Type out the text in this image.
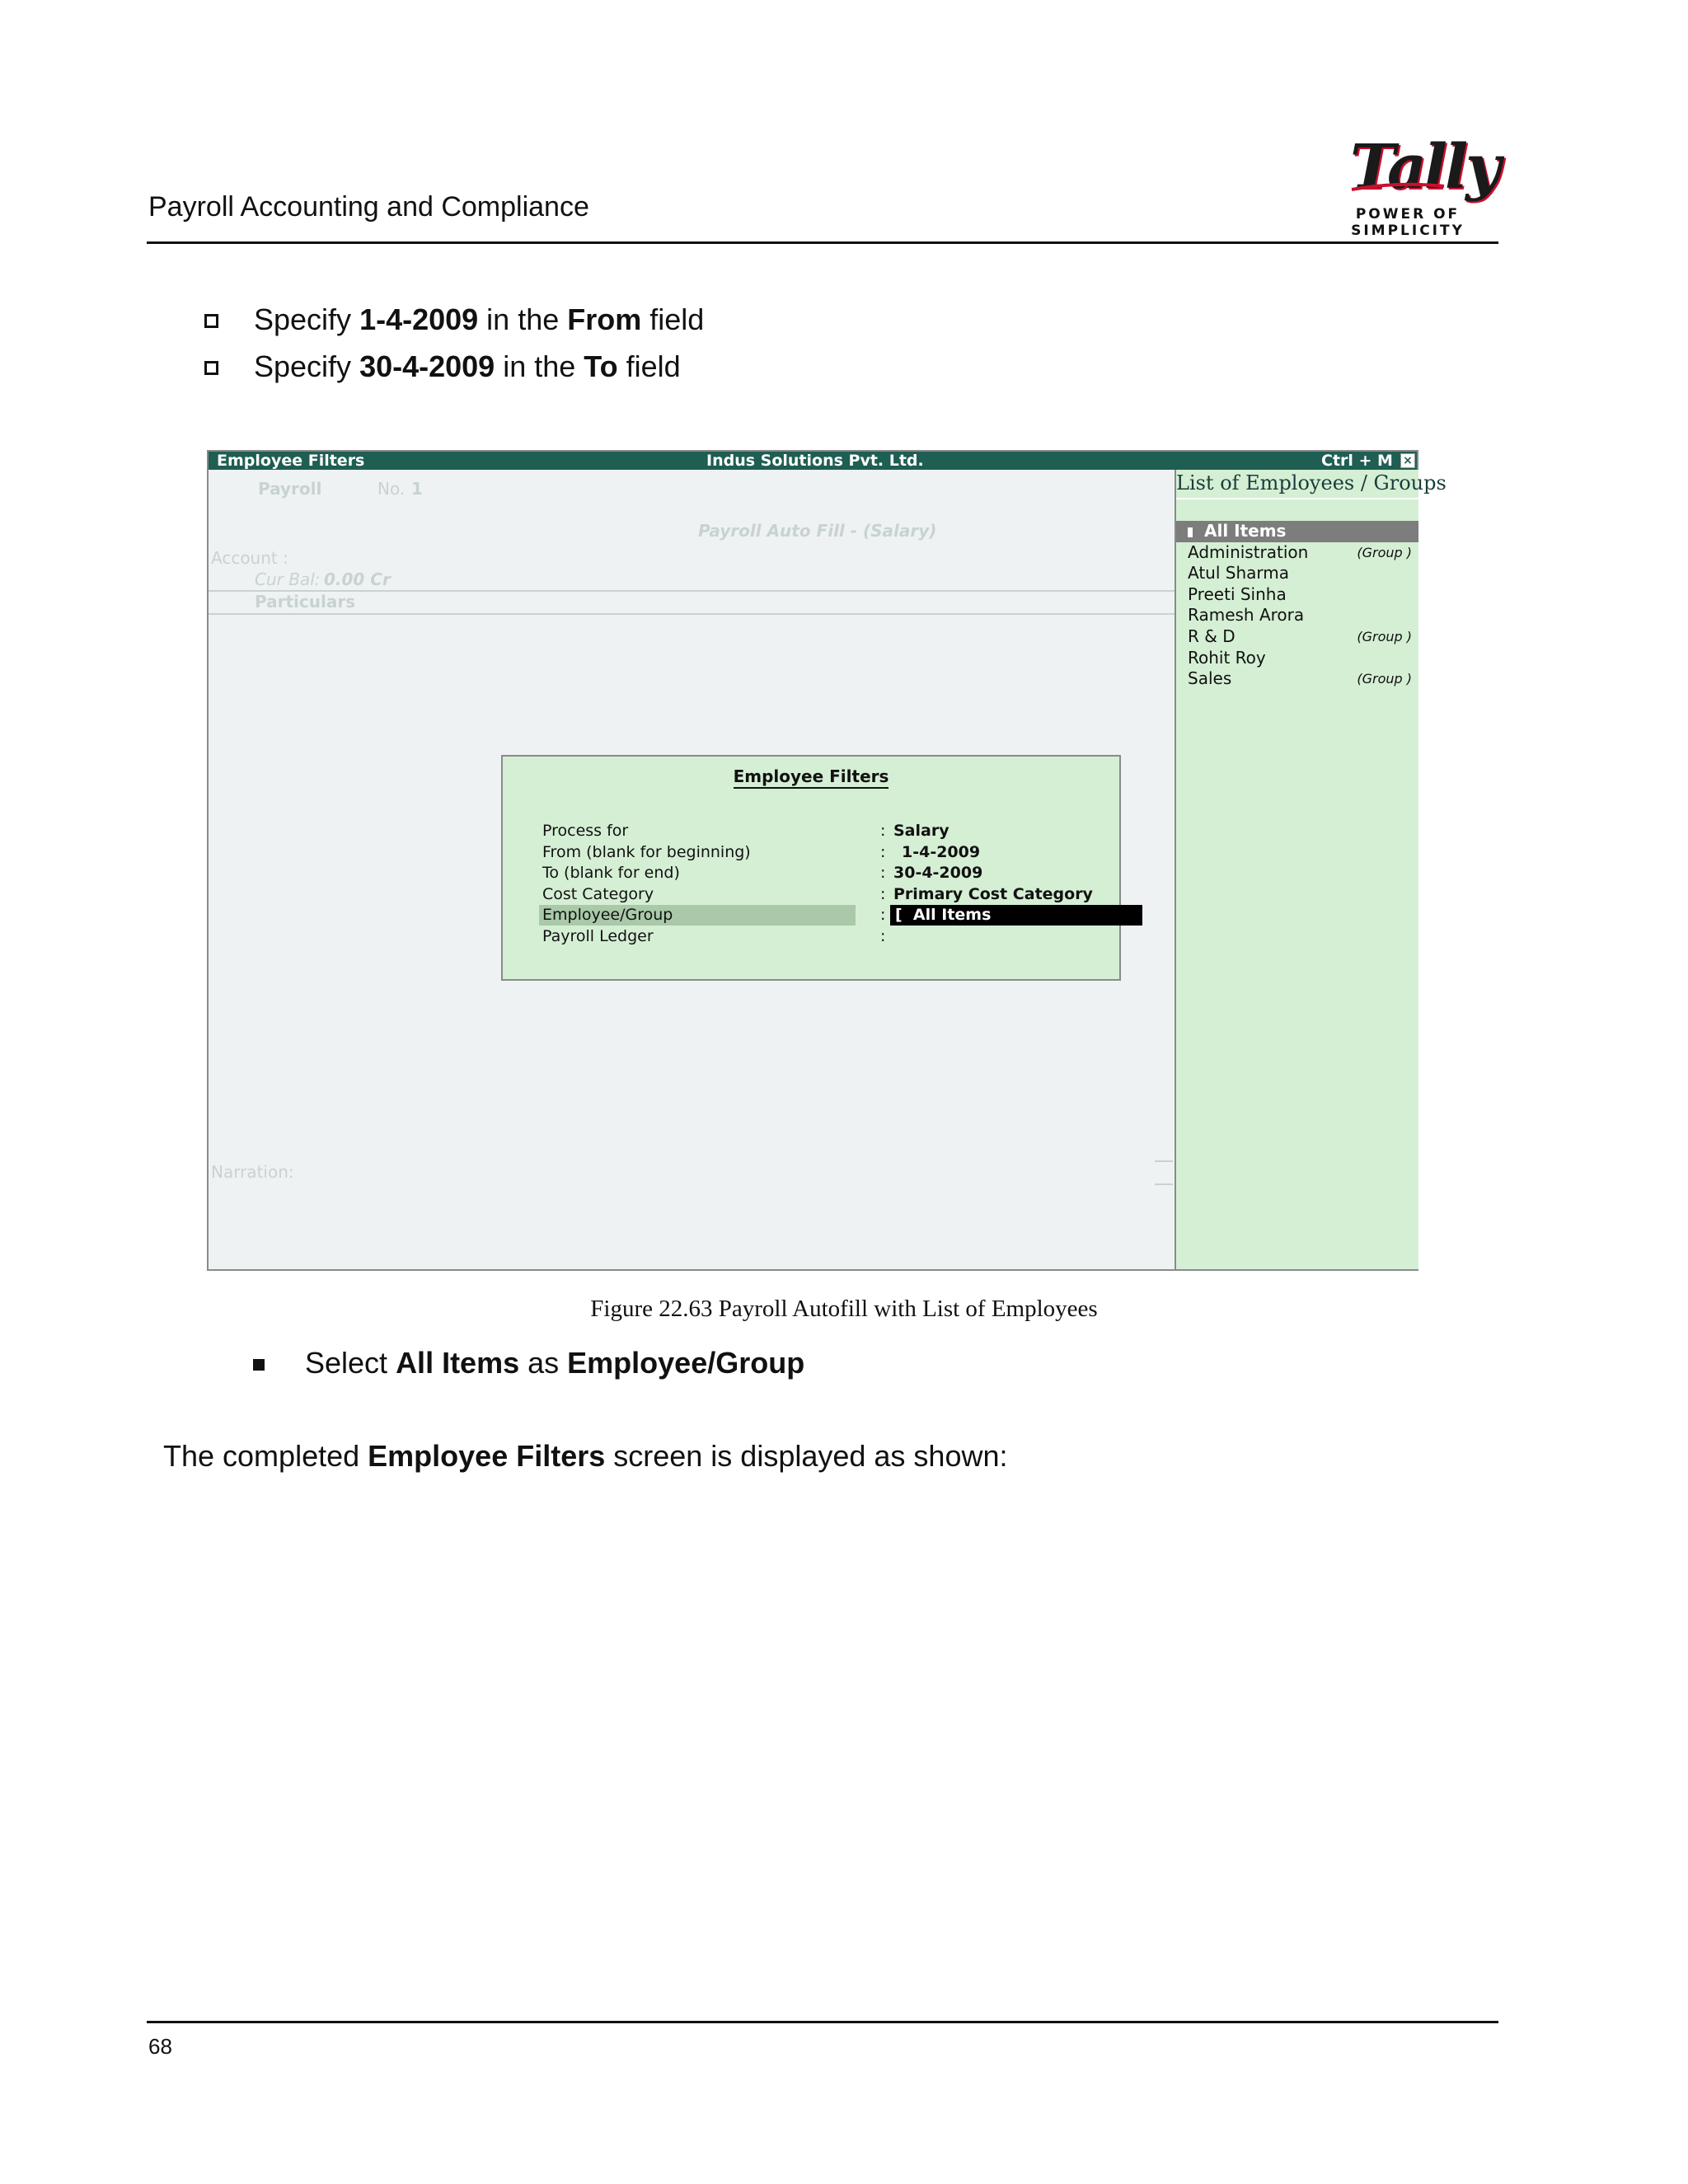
Payroll Accounting and Compliance
Tally
POWER OF SIMPLICITY
Specify 1-4-2009 in the From field
Specify 30-4-2009 in the To field
Employee Filters	Indus Solutions Pvt. Ltd.	Ctrl + M ×
Payroll	No. 1
Payroll Auto Fill - (Salary)
Account :
Cur Bal: 0.00 Cr
Particulars
Narration:
Employee Filters
Process for	: Salary
From (blank for beginning)	: 1-4-2009
To (blank for end)	: 30-4-2009
Cost Category	: Primary Cost Category
Employee/Group	: [ All Items
Payroll Ledger	:
List of Employees / Groups
All Items
Administration	(Group )
Atul Sharma
Preeti Sinha
Ramesh Arora
R & D	(Group )
Rohit Roy
Sales	(Group )
Figure 22.63 Payroll Autofill with List of Employees
Select All Items as Employee/Group
The completed Employee Filters screen is displayed as shown:
68
